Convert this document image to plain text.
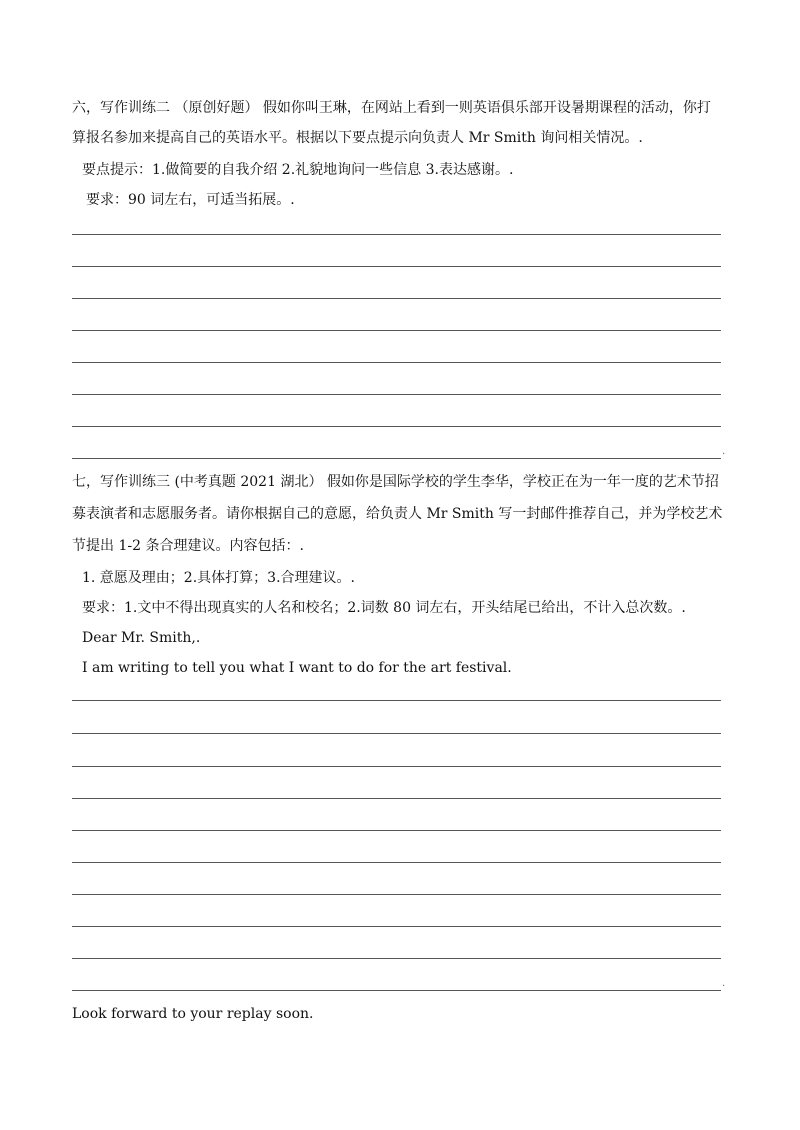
六，写作训练二 （原创好题） 假如你叫王琳，在网站上看到一则英语俱乐部开设暑期课程的活动，你打
算报名参加来提高自己的英语水平。根据以下要点提示向负责人 Mr Smith 询问相关情况。.
要点提示：1.做简要的自我介绍 2.礼貌地询问一些信息 3.表达感谢。.
要求：90 词左右，可适当拓展。.
.
七，写作训练三 (中考真题 2021 湖北） 假如你是国际学校的学生李华，学校正在为一年一度的艺术节招
募表演者和志愿服务者。请你根据自己的意愿，给负责人 Mr Smith 写一封邮件推荐自己，并为学校艺术
节提出 1-2 条合理建议。内容包括：.
1. 意愿及理由；2.具体打算；3.合理建议。.
要求：1.文中不得出现真实的人名和校名；2.词数 80 词左右，开头结尾已给出，不计入总次数。.
Dear Mr. Smith,.
I am writing to tell you what I want to do for the art festival.
.
Look forward to your replay soon.
